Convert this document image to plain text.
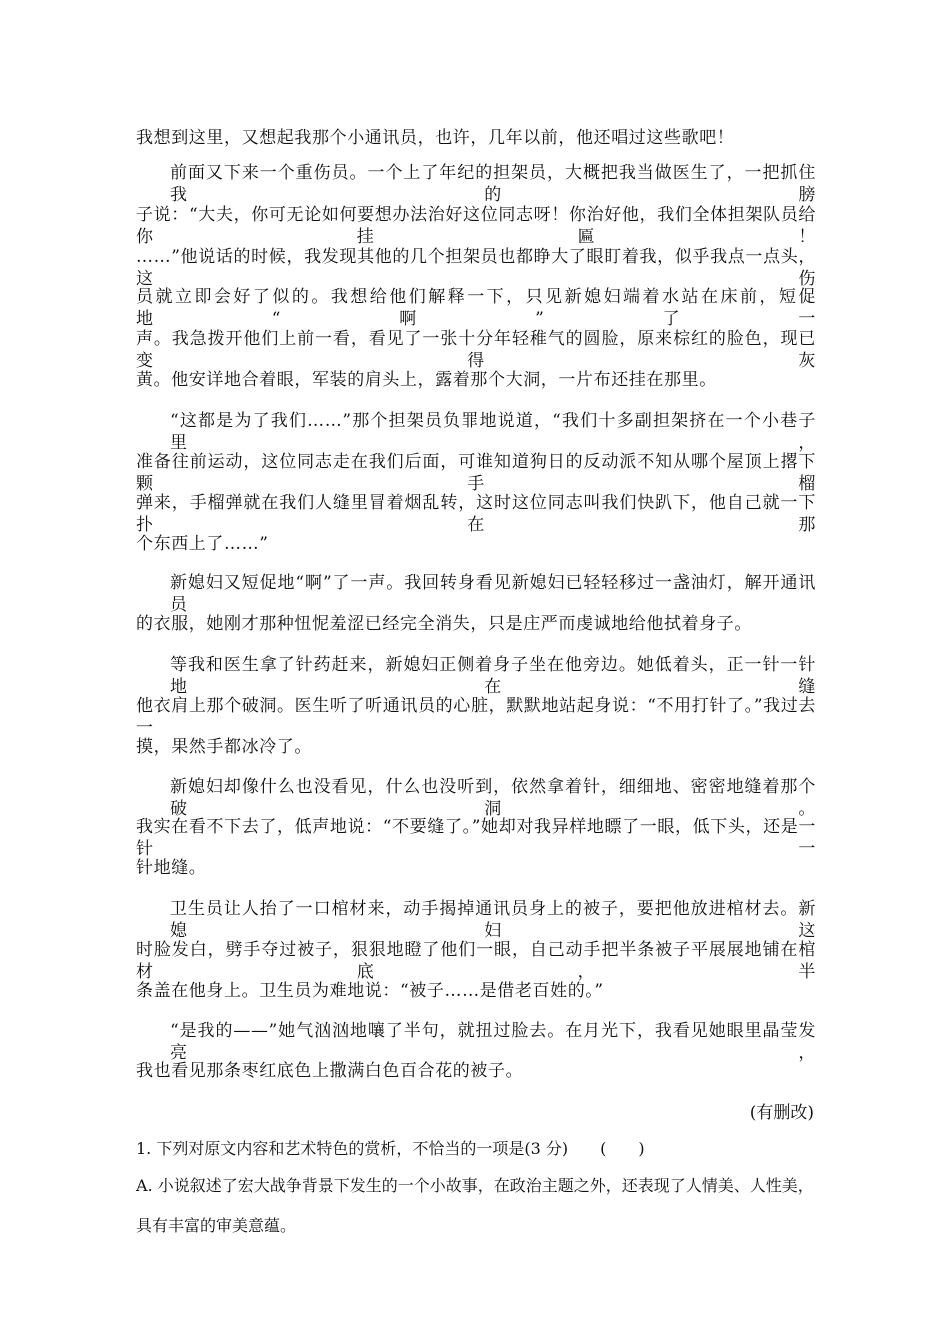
我想到这里，又想起我那个小通讯员，也许，几年以前，他还唱过这些歌吧！
前面又下来一个重伤员。一个上了年纪的担架员，大概把我当做医生了，一把抓住我的膀
子说：“大夫，你可无论如何要想办法治好这位同志呀！你治好他，我们全体担架队员给你挂匾！
……”他说话的时候，我发现其他的几个担架员也都睁大了眼盯着我，似乎我点一点头，这伤
员就立即会好了似的。我想给他们解释一下，只见新媳妇端着水站在床前，短促地“啊”了一
声。我急拨开他们上前一看，看见了一张十分年轻稚气的圆脸，原来棕红的脸色，现已变得灰
黄。他安详地合着眼，军装的肩头上，露着那个大洞，一片布还挂在那里。
“这都是为了我们……”那个担架员负罪地说道，“我们十多副担架挤在一个小巷子里，
准备往前运动，这位同志走在我们后面，可谁知道狗日的反动派不知从哪个屋顶上撂下颗手榴
弹来，手榴弹就在我们人缝里冒着烟乱转，这时这位同志叫我们快趴下，他自己就一下扑在那
个东西上了……”
新媳妇又短促地“啊”了一声。我回转身看见新媳妇已轻轻移过一盏油灯，解开通讯员
的衣服，她刚才那种忸怩羞涩已经完全消失，只是庄严而虔诚地给他拭着身子。
等我和医生拿了针药赶来，新媳妇正侧着身子坐在他旁边。她低着头，正一针一针地在缝
他衣肩上那个破洞。医生听了听通讯员的心脏，默默地站起身说：“不用打针了。”我过去一
摸，果然手都冰冷了。
新媳妇却像什么也没看见，什么也没听到，依然拿着针，细细地、密密地缝着那个破洞。
我实在看不下去了，低声地说：“不要缝了。”她却对我异样地瞟了一眼，低下头，还是一针一
针地缝。
卫生员让人抬了一口棺材来，动手揭掉通讯员身上的被子，要把他放进棺材去。新媳妇这
时脸发白，劈手夺过被子，狠狠地瞪了他们一眼，自己动手把半条被子平展展地铺在棺材底，半
条盖在他身上。卫生员为难地说：“被子……是借老百姓的。”
“是我的——”她气汹汹地嚷了半句，就扭过脸去。在月光下，我看见她眼里晶莹发亮，
我也看见那条枣红底色上撒满白色百合花的被子。
(有删改)
1. 下列对原文内容和艺术特色的赏析，不恰当的一项是(3 分)　　(　　)
A. 小说叙述了宏大战争背景下发生的一个小故事，在政治主题之外，还表现了人情美、人性美，
具有丰富的审美意蕴。
